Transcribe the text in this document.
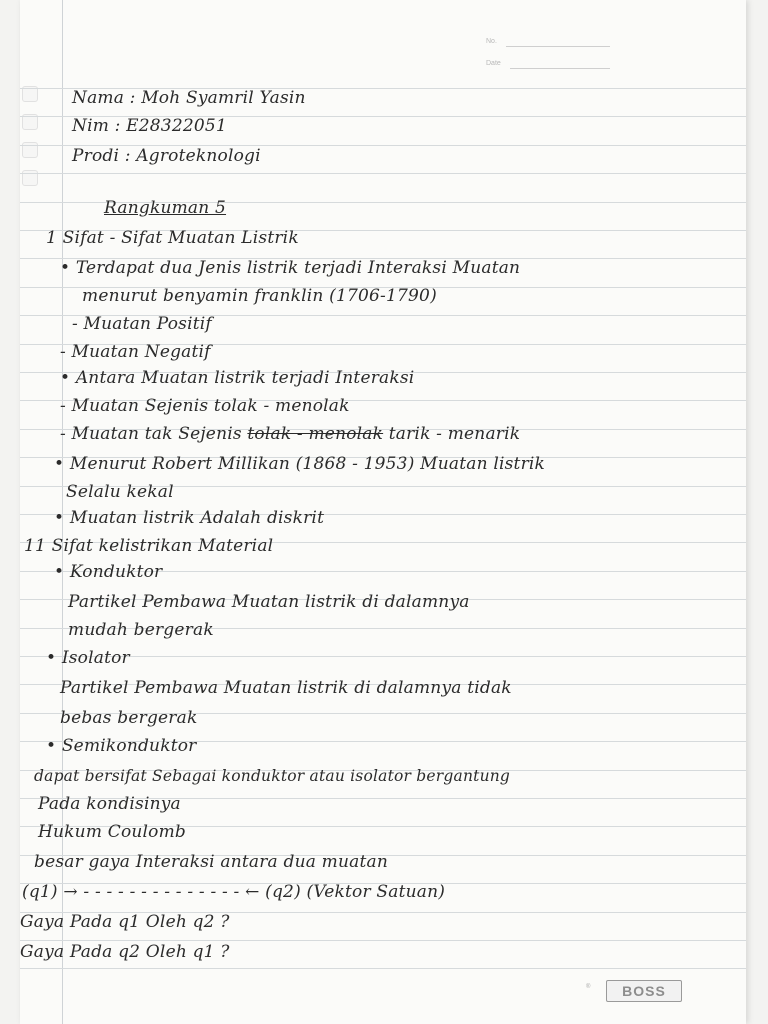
No.
Date
Nama : Moh Syamril Yasin
Nim : E28322051
Prodi : Agroteknologi
Rangkuman 5
1 Sifat - Sifat Muatan Listrik
• Terdapat dua Jenis listrik terjadi Interaksi Muatan
menurut benyamin franklin (1706-1790)
- Muatan Positif
- Muatan Negatif
• Antara Muatan listrik terjadi Interaksi
- Muatan Sejenis tolak - menolak
- Muatan tak Sejenis tolak - menolak tarik - menarik
• Menurut Robert Millikan (1868 - 1953) Muatan listrik
Selalu kekal
• Muatan listrik Adalah diskrit
11 Sifat kelistrikan Material
• Konduktor
Partikel Pembawa Muatan listrik di dalamnya
mudah bergerak
• Isolator
Partikel Pembawa Muatan listrik di dalamnya tidak
bebas bergerak
• Semikonduktor
dapat bersifat Sebagai konduktor atau isolator bergantung
Pada kondisinya
Hukum Coulomb
besar gaya Interaksi antara dua muatan
(q1) → - - - - - - - - - - - - - - ← (q2) (Vektor Satuan)
Gaya Pada q1 Oleh q2 ?
Gaya Pada q2 Oleh q1 ?
®	BOSS
